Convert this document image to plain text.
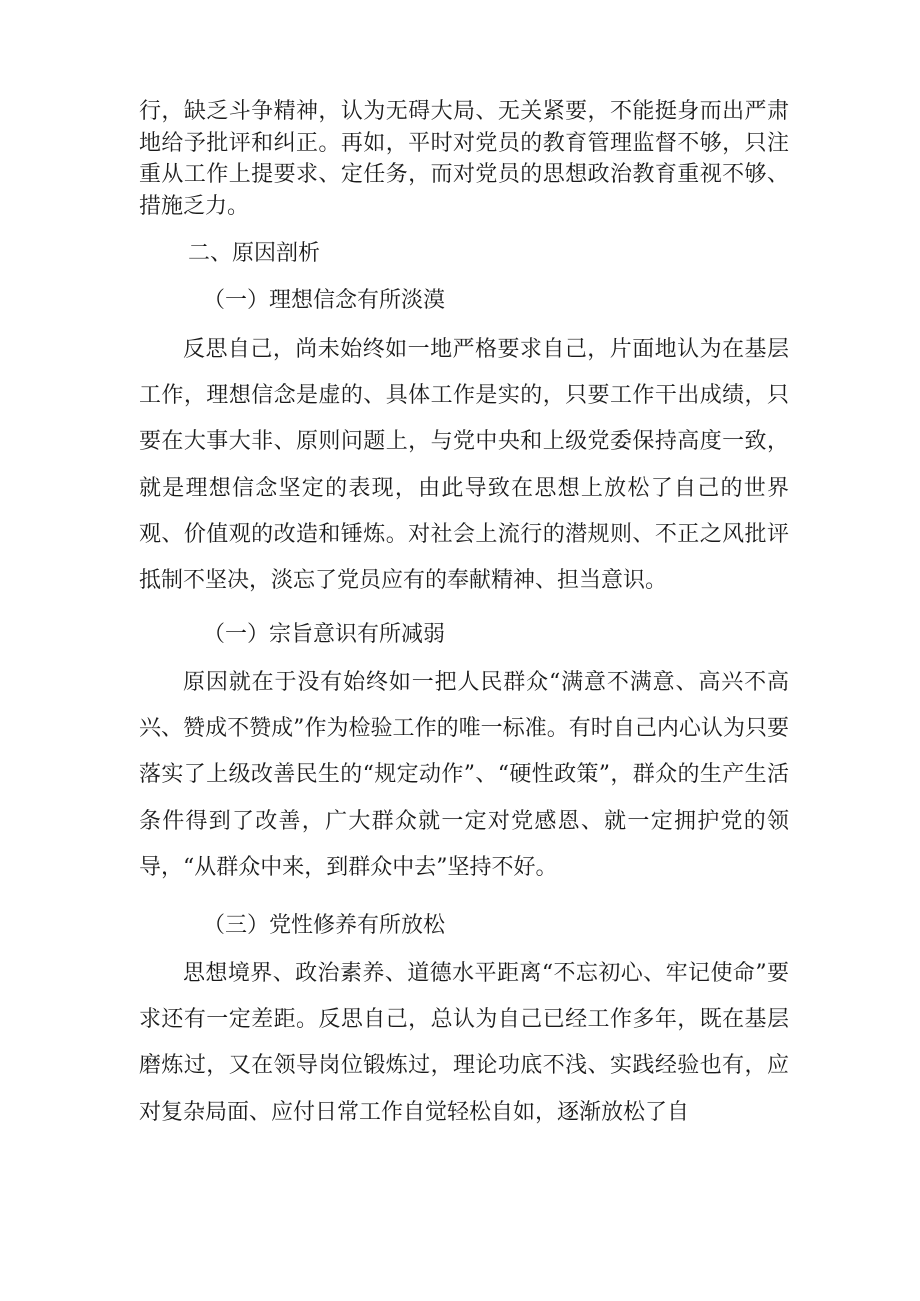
行，缺乏斗争精神，认为无碍大局、无关紧要，不能挺身而出严肃地给予批评和纠正。再如，平时对党员的教育管理监督不够，只注重从工作上提要求、定任务，而对党员的思想政治教育重视不够、措施乏力。

二、原因剖析
（一）理想信念有所淡漠

反思自己，尚未始终如一地严格要求自己，片面地认为在基层工作，理想信念是虚的、具体工作是实的，只要工作干出成绩，只要在大事大非、原则问题上，与党中央和上级党委保持高度一致，就是理想信念坚定的表现，由此导致在思想上放松了自己的世界观、价值观的改造和锤炼。对社会上流行的潜规则、不正之风批评抵制不坚决，淡忘了党员应有的奉献精神、担当意识。

（一）宗旨意识有所减弱

原因就在于没有始终如一把人民群众“满意不满意、高兴不高兴、赞成不赞成”作为检验工作的唯一标准。有时自己内心认为只要落实了上级改善民生的“规定动作”、“硬性政策”，群众的生产生活条件得到了改善，广大群众就一定对党感恩、就一定拥护党的领导，“从群众中来，到群众中去”坚持不好。

（三）党性修养有所放松

思想境界、政治素养、道德水平距离“不忘初心、牢记使命”要求还有一定差距。反思自己，总认为自己已经工作多年，既在基层磨炼过，又在领导岗位锻炼过，理论功底不浅、实践经验也有，应对复杂局面、应付日常工作自觉轻松自如，逐渐放松了自
